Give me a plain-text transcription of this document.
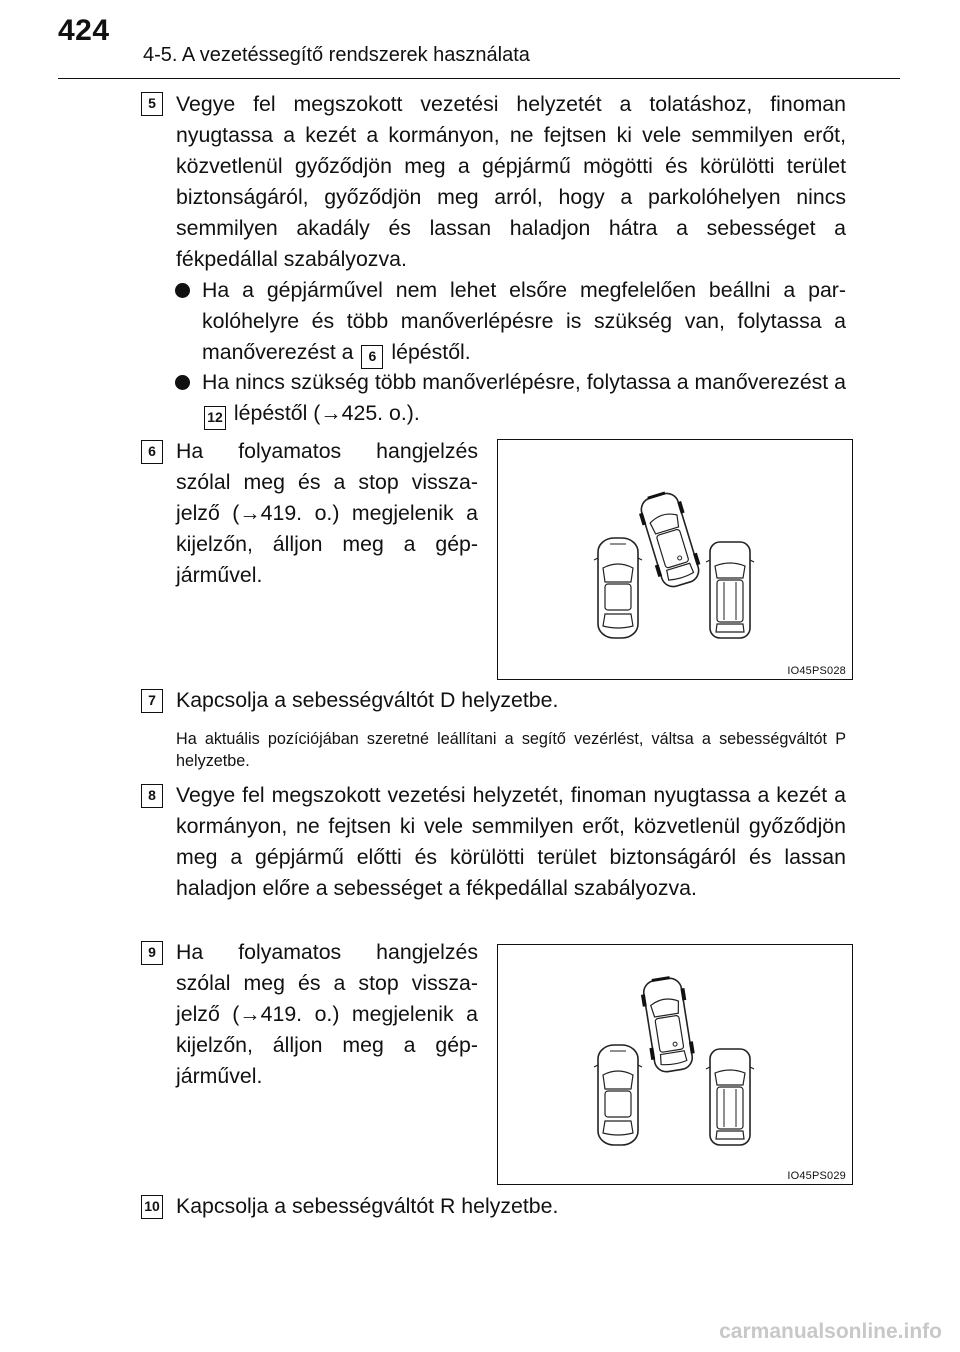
424
4-5. A vezetéssegítő rendszerek használata
5 Vegye fel megszokott vezetési helyzetét a tolatáshoz, finoman nyugtassa a kezét a kormányon, ne fejtsen ki vele semmilyen erőt, közvetlenül győződjön meg a gépjármű mögötti és körülötti terület biztonságáról, győződjön meg arról, hogy a parkolóhelyen nincs semmilyen akadály és lassan haladjon hátra a sebességet a fékpedállal szabályozva.
Ha a gépjárművel nem lehet elsőre megfelelően beállni a parkolóhelyre és több manőverlépésre is szükség van, folytassa a manőverezést a 6 lépéstől.
Ha nincs szükség több manőverlépésre, folytassa a manőverezést a 12 lépéstől (→425. o.).
6 Ha folyamatos hangjelzés szólal meg és a stop visszajelző (→419. o.) megjelenik a kijelzőn, álljon meg a gépjárművel.
IO45PS028
7 Kapcsolja a sebességváltót D helyzetbe.
Ha aktuális pozíciójában szeretné leállítani a segítő vezérlést, váltsa a sebességváltót P helyzetbe.
8 Vegye fel megszokott vezetési helyzetét, finoman nyugtassa a kezét a kormányon, ne fejtsen ki vele semmilyen erőt, közvetlenül győződjön meg a gépjármű előtti és körülötti terület biztonságáról és lassan haladjon előre a sebességet a fékpedállal szabályozva.
9 Ha folyamatos hangjelzés szólal meg és a stop visszajelző (→419. o.) megjelenik a kijelzőn, álljon meg a gépjárművel.
IO45PS029
10 Kapcsolja a sebességváltót R helyzetbe.
carmanualsonline.info
